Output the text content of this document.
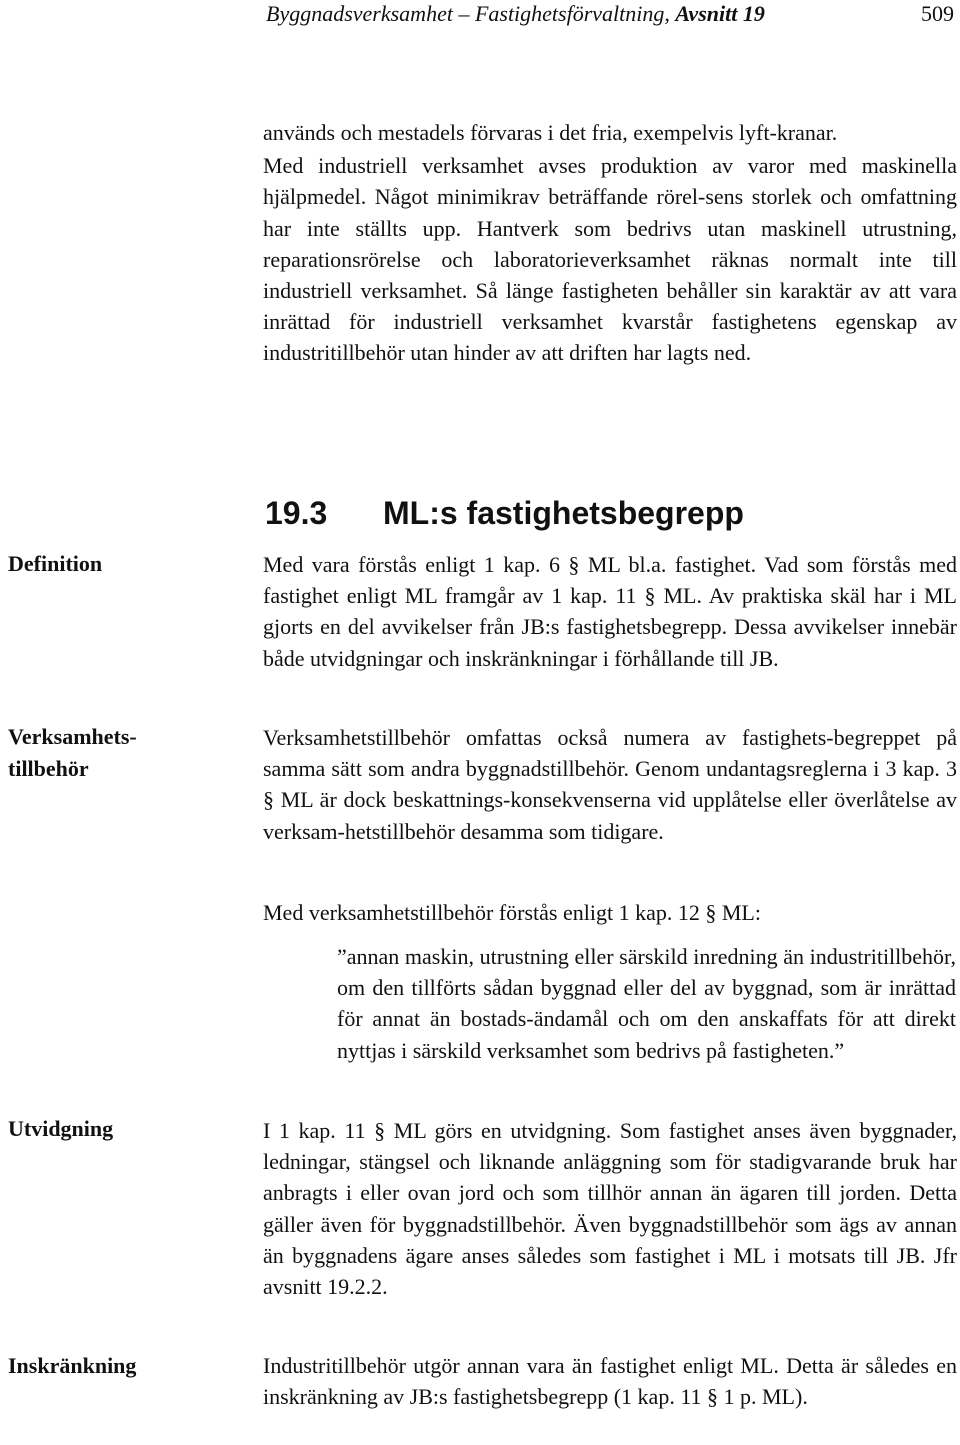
Byggnadsverksamhet – Fastighetsförvaltning, Avsnitt 19	509

används och mestadels förvaras i det fria, exempelvis lyft-kranar.

Med industriell verksamhet avses produktion av varor med maskinella hjälpmedel. Något minimikrav beträffande rörel-sens storlek och omfattning har inte ställts upp. Hantverk som bedrivs utan maskinell utrustning, reparationsrörelse och laboratorieverksamhet räknas normalt inte till industriell verksamhet. Så länge fastigheten behåller sin karaktär av att vara inrättad för industriell verksamhet kvarstår fastighetens egenskap av industritillbehör utan hinder av att driften har lagts ned.

19.3 ML:s fastighetsbegrepp
Definition	Med vara förstås enligt 1 kap. 6 § ML bl.a. fastighet. Vad som förstås med fastighet enligt ML framgår av 1 kap. 11 § ML. Av praktiska skäl har i ML gjorts en del avvikelser från JB:s fastighetsbegrepp. Dessa avvikelser innebär både utvidgningar och inskränkningar i förhållande till JB.

Verksamhets-
tillbehör

Verksamhetstillbehör omfattas också numera av fastighets-begreppet på samma sätt som andra byggnadstillbehör. Genom undantagsreglerna i 3 kap. 3 § ML är dock beskattnings-konsekvenserna vid upplåtelse eller överlåtelse av verksam-hetstillbehör desamma som tidigare.

Med verksamhetstillbehör förstås enligt 1 kap. 12 § ML:

”annan maskin, utrustning eller särskild inredning än industritillbehör, om den tillförts sådan byggnad eller del av byggnad, som är inrättad för annat än bostads-ändamål och om den anskaffats för att direkt nyttjas i särskild verksamhet som bedrivs på fastigheten.”

Utvidgning	I 1 kap. 11 § ML görs en utvidgning. Som fastighet anses även byggnader, ledningar, stängsel och liknande anläggning som för stadigvarande bruk har anbragts i eller ovan jord och som tillhör annan än ägaren till jorden. Detta gäller även för byggnadstillbehör. Även byggnadstillbehör som ägs av annan än byggnadens ägare anses således som fastighet i ML i motsats till JB. Jfr avsnitt 19.2.2.

Inskränkning	Industritillbehör utgör annan vara än fastighet enligt ML. Detta är således en inskränkning av JB:s fastighetsbegrepp (1 kap. 11 § 1 p. ML).
